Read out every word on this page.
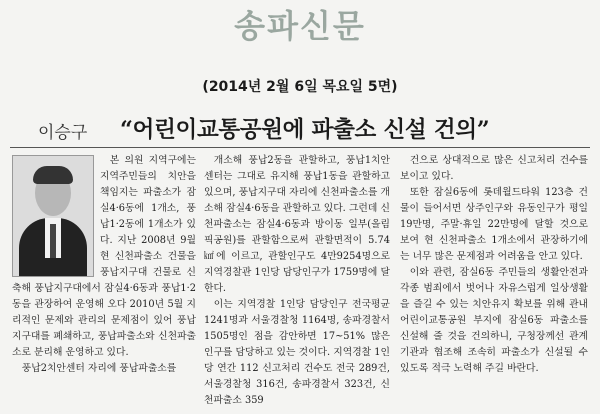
송파신문
(2014년 2월 6일 목요일 5면)
이승구 “어린이교통공원에 파출소 신설 건의”

본 의원 지역구에는 지역주민들의 치안을 책임지는 파출소가 잠실4·6동에 1개소, 풍납1·2동에 1개소가 있다. 지난 2008년 9월 현 신천파출소 건물을 풍납지구대 건물로 신축해 풍납지구대에서 잠실4·6동과 풍납1·2동을 관장하여 운영해 오다 2010년 5월 지리적인 문제와 관리의 문제점이 있어 풍납지구대를 폐쇄하고, 풍납파출소와 신천파출소로 분리해 운영하고 있다.

풍납2치안센터 자리에 풍납파출소를

개소해 풍납2동을 관할하고, 풍납1치안센터는 그대로 유지해 풍납1동을 관할하고 있으며, 풍납지구대 자리에 신천파출소를 개소해 잠실4·6동을 관할하고 있다. 그런데 신천파출소는 잠실4·6동과 방이동 일부(올림픽공원)를 관할함으로써 관할면적이 5.74㎢에 이르고, 관할인구도 4만9254명으로 지역경찰관 1인당 담당인구가 1759명에 달한다.

이는 지역경찰 1인당 담당인구 전국평균 1241명과 서울경찰청 1164명, 송파경찰서 1505명인 점을 감안하면 17~51% 많은 인구를 담당하고 있는 것이다. 지역경찰 1인당 연간 112 신고처리 건수도 전국 289건, 서울경찰청 316건, 송파경찰서 323건, 신천파출소 359

건으로 상대적으로 많은 신고처리 건수를 보이고 있다.

또한 잠실6동에 롯데월드타워 123층 건물이 들어서면 상주인구와 유동인구가 평일 19만명, 주말·휴일 22만명에 달할 것으로 보여 현 신천파출소 1개소에서 관장하기에는 너무 많은 문제점과 어려움을 안고 있다.

이와 관련, 잠실6동 주민들의 생활안전과 각종 범죄에서 벗어나 자유스럽게 일상생활을 즐길 수 있는 치안유지 확보를 위해 관내 어린이교통공원 부지에 잠실6동 파출소를 신설해 줄 것을 건의하니, 구청장께선 관계기관과 협조해 조속히 파출소가 신설될 수 있도록 적극 노력해 주길 바란다.
